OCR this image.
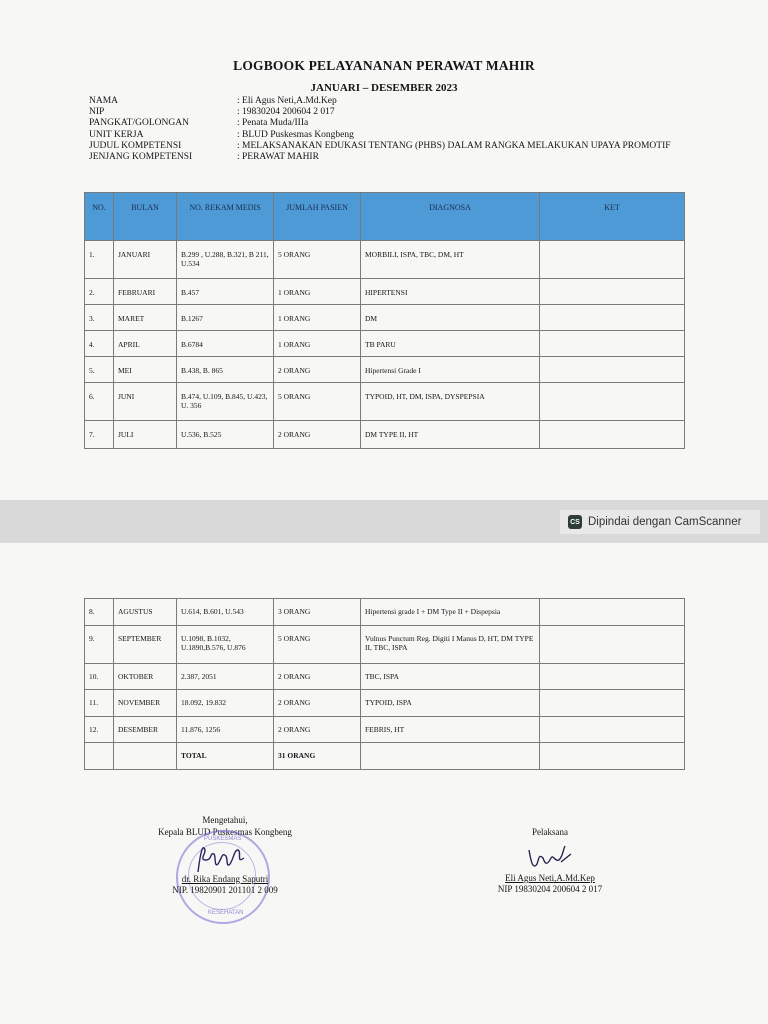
LOGBOOK PELAYANANAN PERAWAT MAHIR
JANUARI – DESEMBER 2023
NAMA	: Eli Agus Neti,A.Md.Kep
NIP	: 19830204 200604 2 017
PANGKAT/GOLONGAN	: Penata Muda/IIIa
UNIT KERJA	: BLUD Puskesmas Kongbeng
JUDUL KOMPETENSI	: MELAKSANAKAN EDUKASI TENTANG (PHBS) DALAM RANGKA MELAKUKAN UPAYA PROMOTIF
JENJANG KOMPETENSI	: PERAWAT MAHIR
NO.	BULAN	NO. REKAM MEDIS	JUMLAH PASIEN	DIAGNOSA	KET
1.	JANUARI	B.299 , U.288, B.321, B 211, U.534	5 ORANG	MORBILI, ISPA, TBC, DM, HT	
2.	FEBRUARI	B.457	1 ORANG	HIPERTENSI	
3.	MARET	B.1267	1 ORANG	DM	
4.	APRIL	B.6784	1 ORANG	TB PARU	
5.	MEI	B.438, B. 865	2 ORANG	Hipertensi Grade I	
6.	JUNI	B.474, U.109, B.845, U.423, U. 356	5 ORANG	TYPOID, HT, DM, ISPA, DYSPEPSIA	
7.	JULI	U.536, B.525	2 ORANG	DM TYPE II, HT	
CS Dipindai dengan CamScanner
8.	AGUSTUS	U.614, B.601, U.543	3 ORANG	Hipertensi grade I + DM Type II + Dispepsia	
9.	SEPTEMBER	U.1098, B.1032, U.1890,B.576, U.876	5 ORANG	Vulnus Punctum Reg. Digiti I Manus D, HT, DM TYPE II, TBC, ISPA	
10.	OKTOBER	2.387, 2051	2 ORANG	TBC, ISPA	
11.	NOVEMBER	18.092, 19.832	2 ORANG	TYPOID, ISPA	
12.	DESEMBER	11.876, 1256	2 ORANG	FEBRIS, HT	
		TOTAL	31 ORANG		
Mengetahui,
Kepala BLUD Puskesmas Kongbeng
PUSKESMAS
KESEHATAN
dr. Rika Endang Saputri
NIP. 19820901 201101 2 009
Pelaksana
Eli Agus Neti,A.Md.Kep
NIP 19830204 200604 2 017
